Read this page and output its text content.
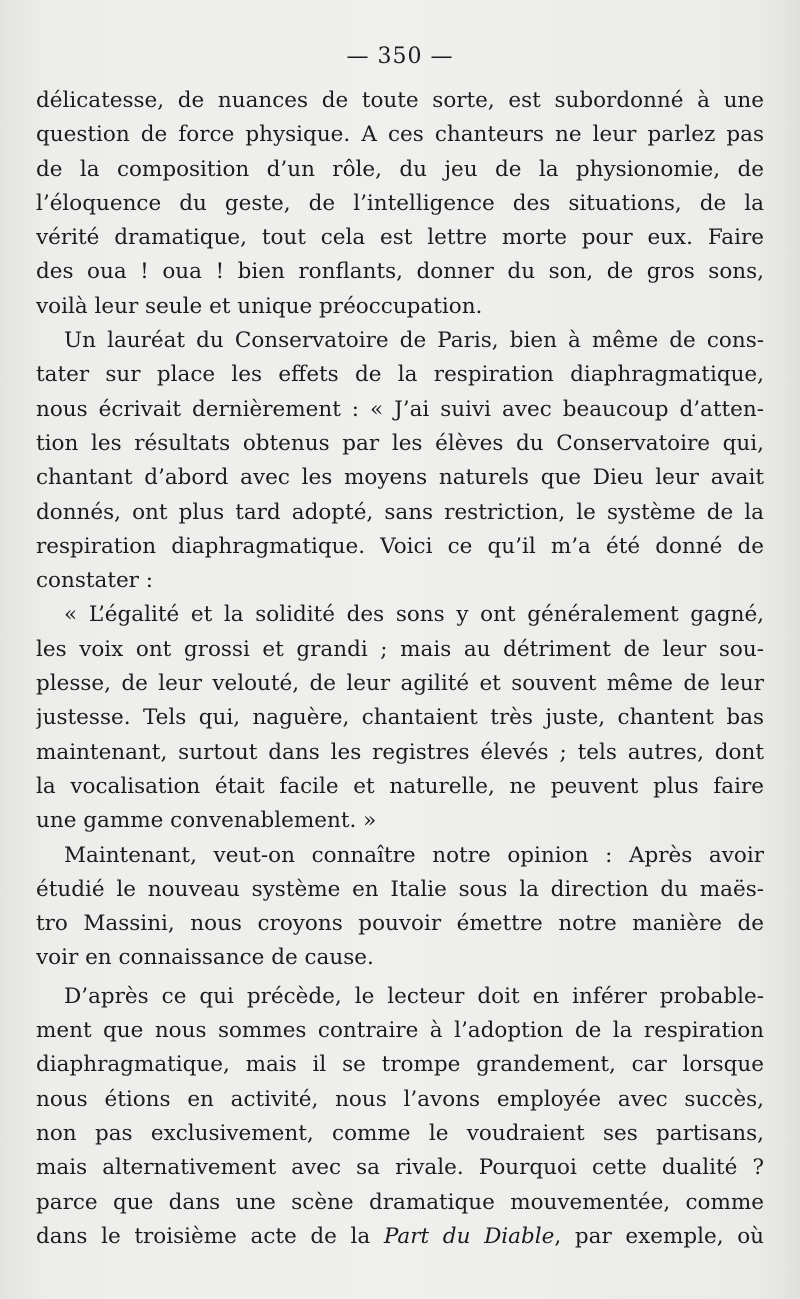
— 350 —
délicatesse, de nuances de toute sorte, est subordonné à une
question de force physique. A ces chanteurs ne leur parlez pas
de la composition d’un rôle, du jeu de la physionomie, de
l’éloquence du geste, de l’intelligence des situations, de la
vérité dramatique, tout cela est lettre morte pour eux. Faire
des oua ! oua ! bien ronflants, donner du son, de gros sons,
voilà leur seule et unique préoccupation.
Un lauréat du Conservatoire de Paris, bien à même de cons-
tater sur place les effets de la respiration diaphragmatique,
nous écrivait dernièrement : « J’ai suivi avec beaucoup d’atten-
tion les résultats obtenus par les élèves du Conservatoire qui,
chantant d’abord avec les moyens naturels que Dieu leur avait
donnés, ont plus tard adopté, sans restriction, le système de la
respiration diaphragmatique. Voici ce qu’il m’a été donné de
constater :
« L’égalité et la solidité des sons y ont généralement gagné,
les voix ont grossi et grandi ; mais au détriment de leur sou-
plesse, de leur velouté, de leur agilité et souvent même de leur
justesse. Tels qui, naguère, chantaient très juste, chantent bas
maintenant, surtout dans les registres élevés ; tels autres, dont
la vocalisation était facile et naturelle, ne peuvent plus faire
une gamme convenablement. »
Maintenant, veut-on connaître notre opinion : Après avoir
étudié le nouveau système en Italie sous la direction du maës-
tro Massini, nous croyons pouvoir émettre notre manière de
voir en connaissance de cause.
D’après ce qui précède, le lecteur doit en inférer probable-
ment que nous sommes contraire à l’adoption de la respiration
diaphragmatique, mais il se trompe grandement, car lorsque
nous étions en activité, nous l’avons employée avec succès,
non pas exclusivement, comme le voudraient ses partisans,
mais alternativement avec sa rivale. Pourquoi cette dualité ?
parce que dans une scène dramatique mouvementée, comme
dans le troisième acte de la Part du Diable, par exemple, où
